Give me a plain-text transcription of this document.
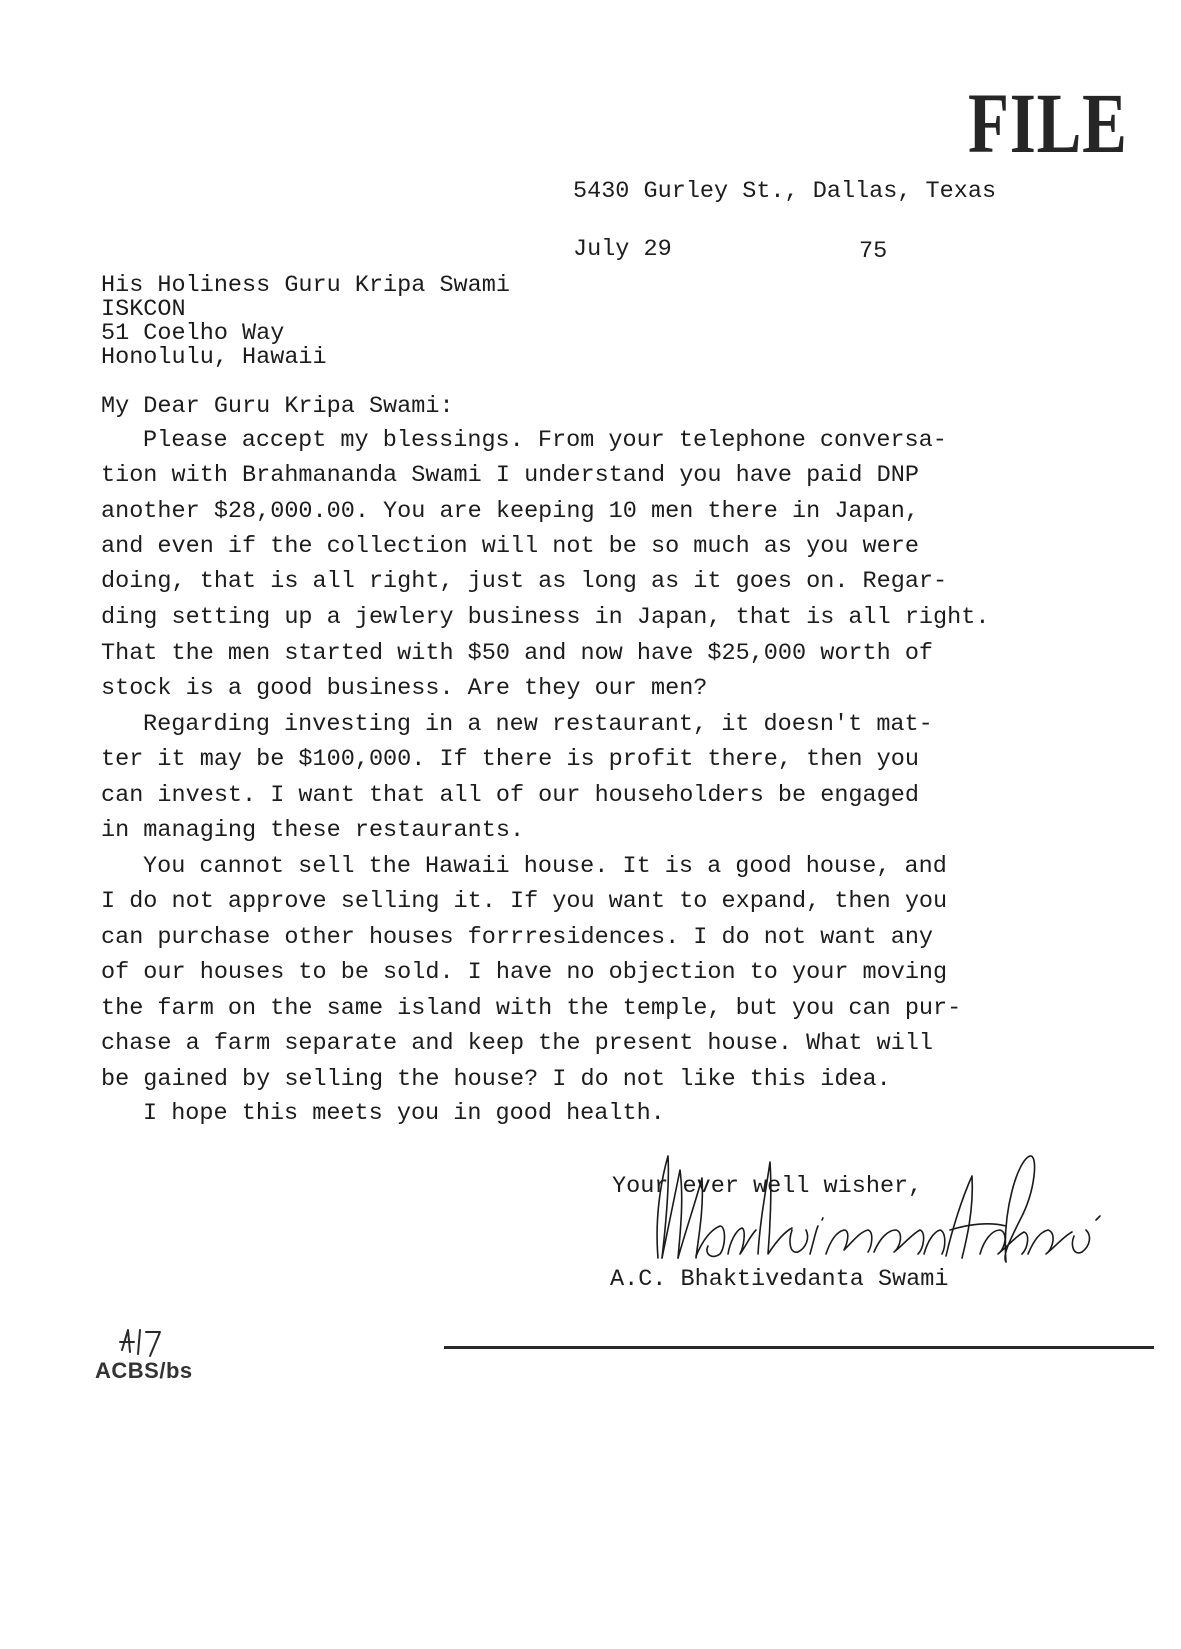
FILE
5430 Gurley St., Dallas, Texas
July 29	75
His Holiness Guru Kripa Swami
ISKCON
51 Coelho Way
Honolulu, Hawaii
My Dear Guru Kripa Swami:
Please accept my blessings. From your telephone conversa-
tion with Brahmananda Swami I understand you have paid DNP
another $28,000.00. You are keeping 10 men there in Japan,
and even if the collection will not be so much as you were
doing, that is all right, just as long as it goes on. Regar-
ding setting up a jewlery business in Japan, that is all right.
That the men started with $50 and now have $25,000 worth of
stock is a good business. Are they our men?
Regarding investing in a new restaurant, it doesn't mat-
ter it may be $100,000. If there is profit there, then you
can invest. I want that all of our householders be engaged
in managing these restaurants.
You cannot sell the Hawaii house. It is a good house, and
I do not approve selling it. If you want to expand, then you
can purchase other houses forrresidences. I do not want any
of our houses to be sold. I have no objection to your moving
the farm on the same island with the temple, but you can pur-
chase a farm separate and keep the present house. What will
be gained by selling the house? I do not like this idea.
I hope this meets you in good health.
Your ever well wisher,
A.C. Bhaktivedanta Swami
ACBS/bs
